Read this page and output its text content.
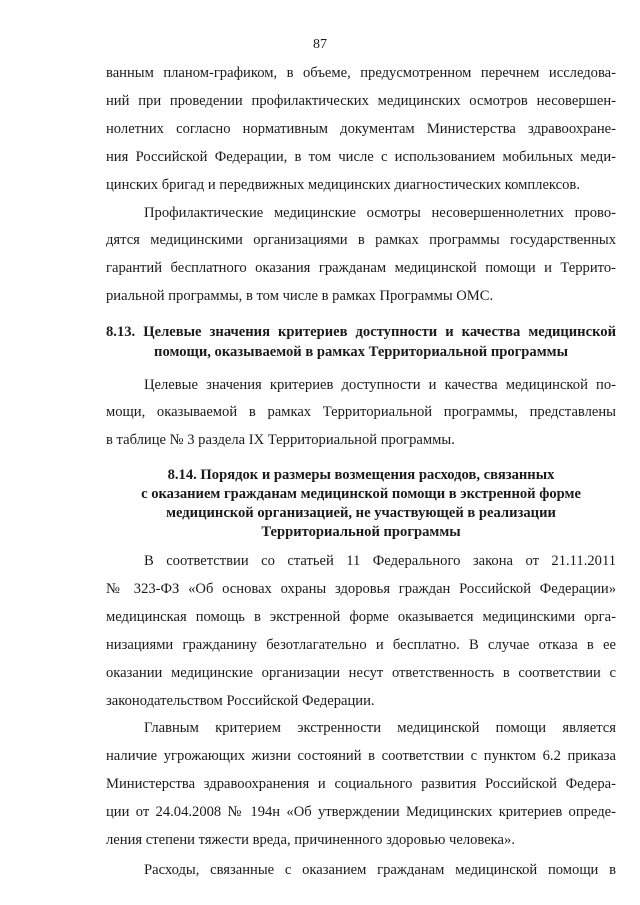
87
ванным планом-графиком, в объеме, предусмотренном перечнем исследова-
ний при проведении профилактических медицинских осмотров несовершен-
нолетних согласно нормативным документам Министерства здравоохране-
ния Российской Федерации, в том числе с использованием мобильных меди-
цинских бригад и передвижных медицинских диагностических комплексов.
Профилактические медицинские осмотры несовершеннолетних прово-
дятся медицинскими организациями в рамках программы государственных
гарантий бесплатного оказания гражданам медицинской помощи и Террито-
риальной программы, в том числе в рамках Программы ОМС.
8.13. Целевые значения критериев доступности и качества медицинской
помощи, оказываемой в рамках Территориальной программы
Целевые значения критериев доступности и качества медицинской по-
мощи, оказываемой в рамках Территориальной программы, представлены
в таблице № 3 раздела IX Территориальной программы.
8.14. Порядок и размеры возмещения расходов, связанных
с оказанием гражданам медицинской помощи в экстренной форме
медицинской организацией, не участвующей в реализации
Территориальной программы
В соответствии со статьей 11 Федерального закона от 21.11.2011
№ 323-ФЗ «Об основах охраны здоровья граждан Российской Федерации»
медицинская помощь в экстренной форме оказывается медицинскими орга-
низациями гражданину безотлагательно и бесплатно. В случае отказа в ее
оказании медицинские организации несут ответственность в соответствии с
законодательством Российской Федерации.
Главным критерием экстренности медицинской помощи является
наличие угрожающих жизни состояний в соответствии с пунктом 6.2 приказа
Министерства здравоохранения и социального развития Российской Федера-
ции от 24.04.2008 № 194н «Об утверждении Медицинских критериев опреде-
ления степени тяжести вреда, причиненного здоровью человека».
Расходы, связанные с оказанием гражданам медицинской помощи в
